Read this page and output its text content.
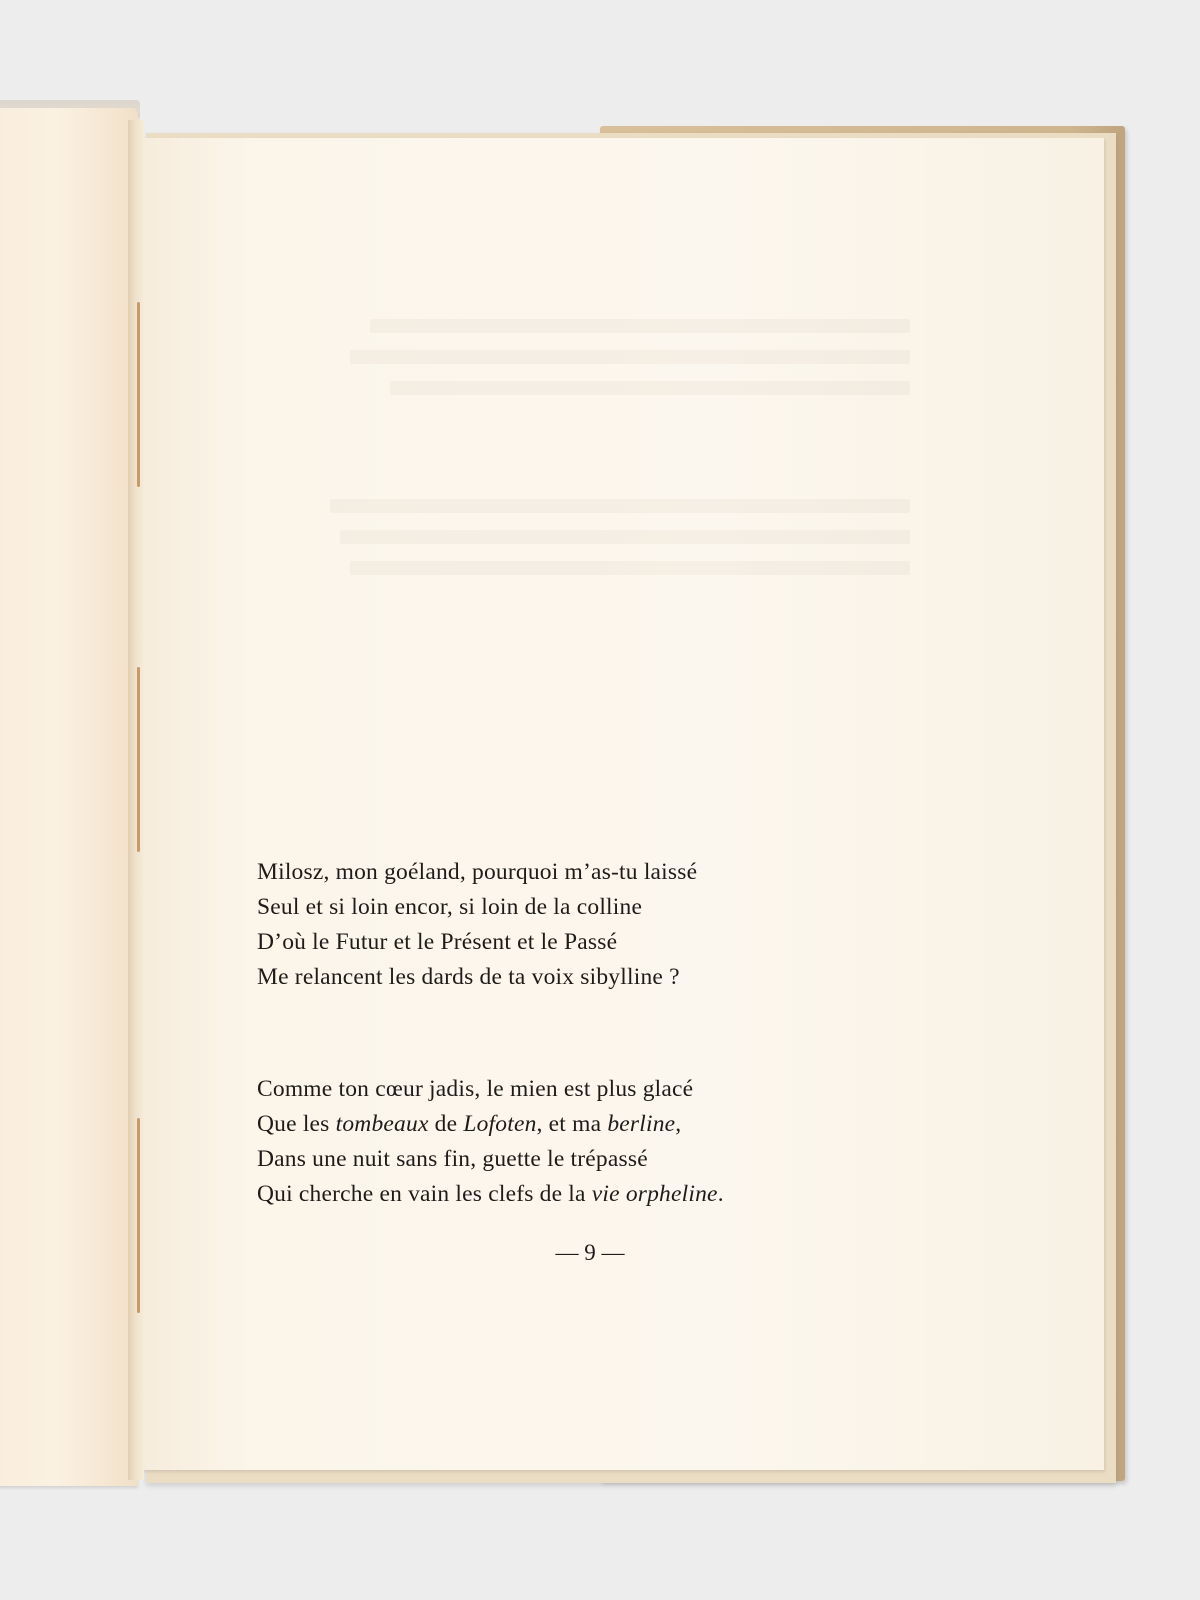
Milosz, mon goéland, pourquoi m’as-tu laissé
Seul et si loin encor, si loin de la colline
D’où le Futur et le Présent et le Passé
Me relancent les dards de ta voix sibylline ?
Comme ton cœur jadis, le mien est plus glacé
Que les tombeaux de Lofoten, et ma berline,
Dans une nuit sans fin, guette le trépassé
Qui cherche en vain les clefs de la vie orpheline.
— 9 —
